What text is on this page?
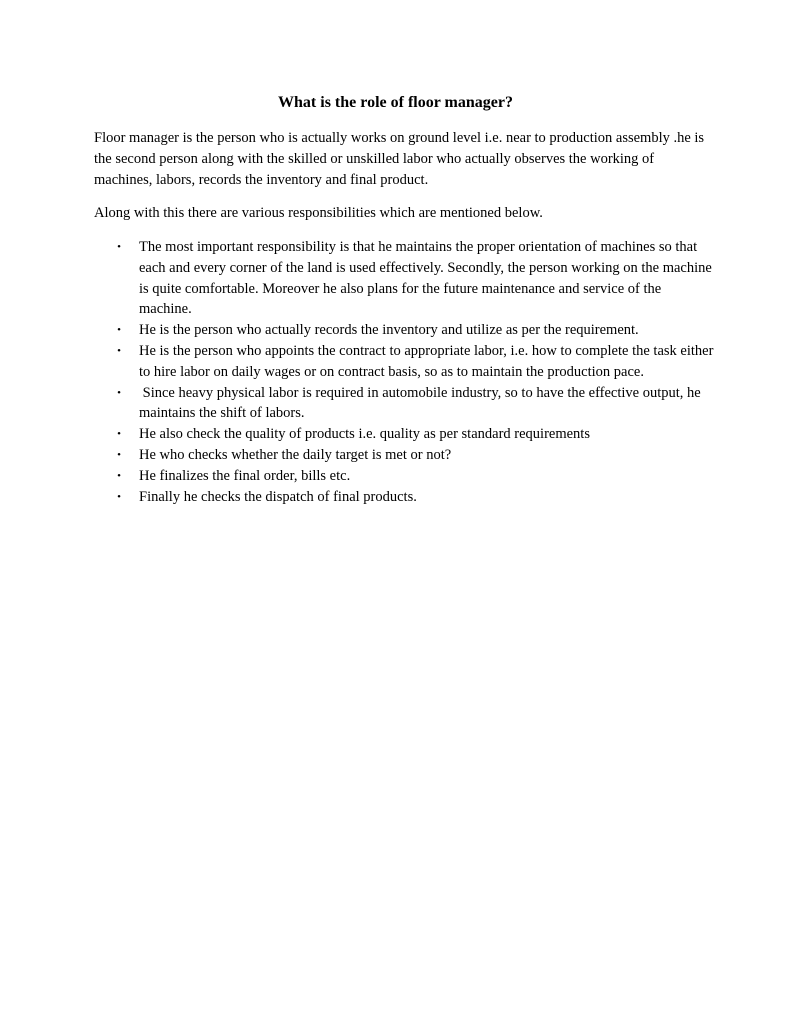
What is the role of floor manager?

Floor manager is the person who is actually works on ground level i.e. near to production assembly .he is the second person along with the skilled or unskilled labor who actually observes the working of machines, labors, records the inventory and final product.

Along with this there are various responsibilities which are mentioned below.

• The most important responsibility is that he maintains the proper orientation of machines so that each and every corner of the land is used effectively. Secondly, the person working on the machine is quite comfortable. Moreover he also plans for the future maintenance and service of the machine.
• He is the person who actually records the inventory and utilize as per the requirement.
• He is the person who appoints the contract to appropriate labor, i.e. how to complete the task either to hire labor on daily wages or on contract basis, so as to maintain the production pace.
• Since heavy physical labor is required in automobile industry, so to have the effective output, he maintains the shift of labors.
• He also check the quality of products i.e. quality as per standard requirements
• He who checks whether the daily target is met or not?
• He finalizes the final order, bills etc.
• Finally he checks the dispatch of final products.
